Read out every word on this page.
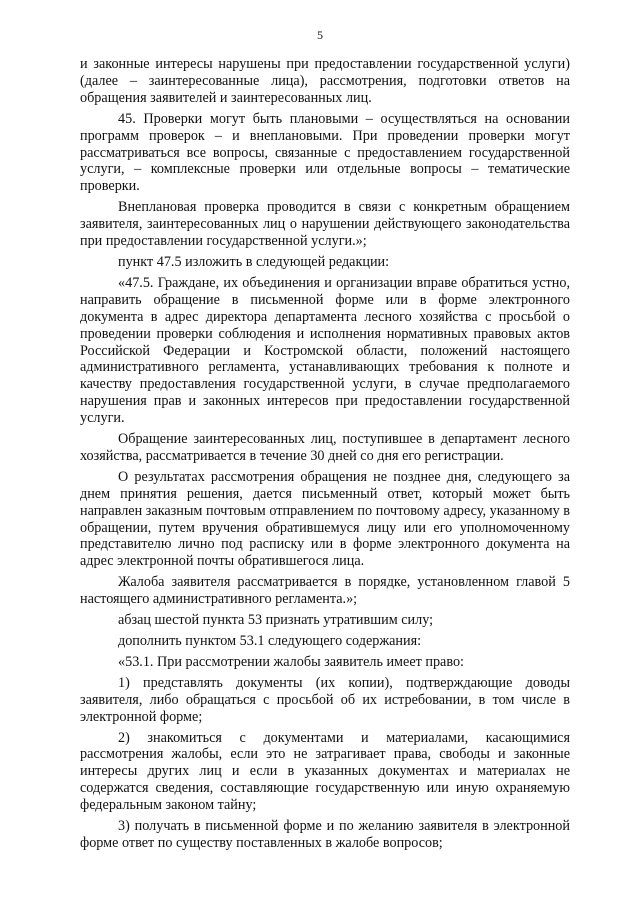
5

и законные интересы нарушены при предоставлении государственной услуги) (далее – заинтересованные лица), рассмотрения, подготовки ответов на обращения заявителей и заинтересованных лиц.

45. Проверки могут быть плановыми – осуществляться на основании программ проверок – и внеплановыми. При проведении проверки могут рассматриваться все вопросы, связанные с предоставлением государственной услуги, – комплексные проверки или отдельные вопросы – тематические проверки.

Внеплановая проверка проводится в связи с конкретным обращением заявителя, заинтересованных лиц о нарушении действующего законодательства при предоставлении государственной услуги.»;

пункт 47.5 изложить в следующей редакции:

«47.5. Граждане, их объединения и организации вправе обратиться устно, направить обращение в письменной форме или в форме электронного документа в адрес директора департамента лесного хозяйства с просьбой о проведении проверки соблюдения и исполнения нормативных правовых актов Российской Федерации и Костромской области, положений настоящего административного регламента, устанавливающих требования к полноте и качеству предоставления государственной услуги, в случае предполагаемого нарушения прав и законных интересов при предоставлении государственной услуги.

Обращение заинтересованных лиц, поступившее в департамент лесного хозяйства, рассматривается в течение 30 дней со дня его регистрации.

О результатах рассмотрения обращения не позднее дня, следующего за днем принятия решения, дается письменный ответ, который может быть направлен заказным почтовым отправлением по почтовому адресу, указанному в обращении, путем вручения обратившемуся лицу или его уполномоченному представителю лично под расписку или в форме электронного документа на адрес электронной почты обратившегося лица.

Жалоба заявителя рассматривается в порядке, установленном главой 5 настоящего административного регламента.»;

абзац шестой пункта 53 признать утратившим силу;

дополнить пунктом 53.1 следующего содержания:

«53.1. При рассмотрении жалобы заявитель имеет право:

1) представлять документы (их копии), подтверждающие доводы заявителя, либо обращаться с просьбой об их истребовании, в том числе в электронной форме;

2) знакомиться с документами и материалами, касающимися рассмотрения жалобы, если это не затрагивает права, свободы и законные интересы других лиц и если в указанных документах и материалах не содержатся сведения, составляющие государственную или иную охраняемую федеральным законом тайну;

3) получать в письменной форме и по желанию заявителя в электронной форме ответ по существу поставленных в жалобе вопросов;
